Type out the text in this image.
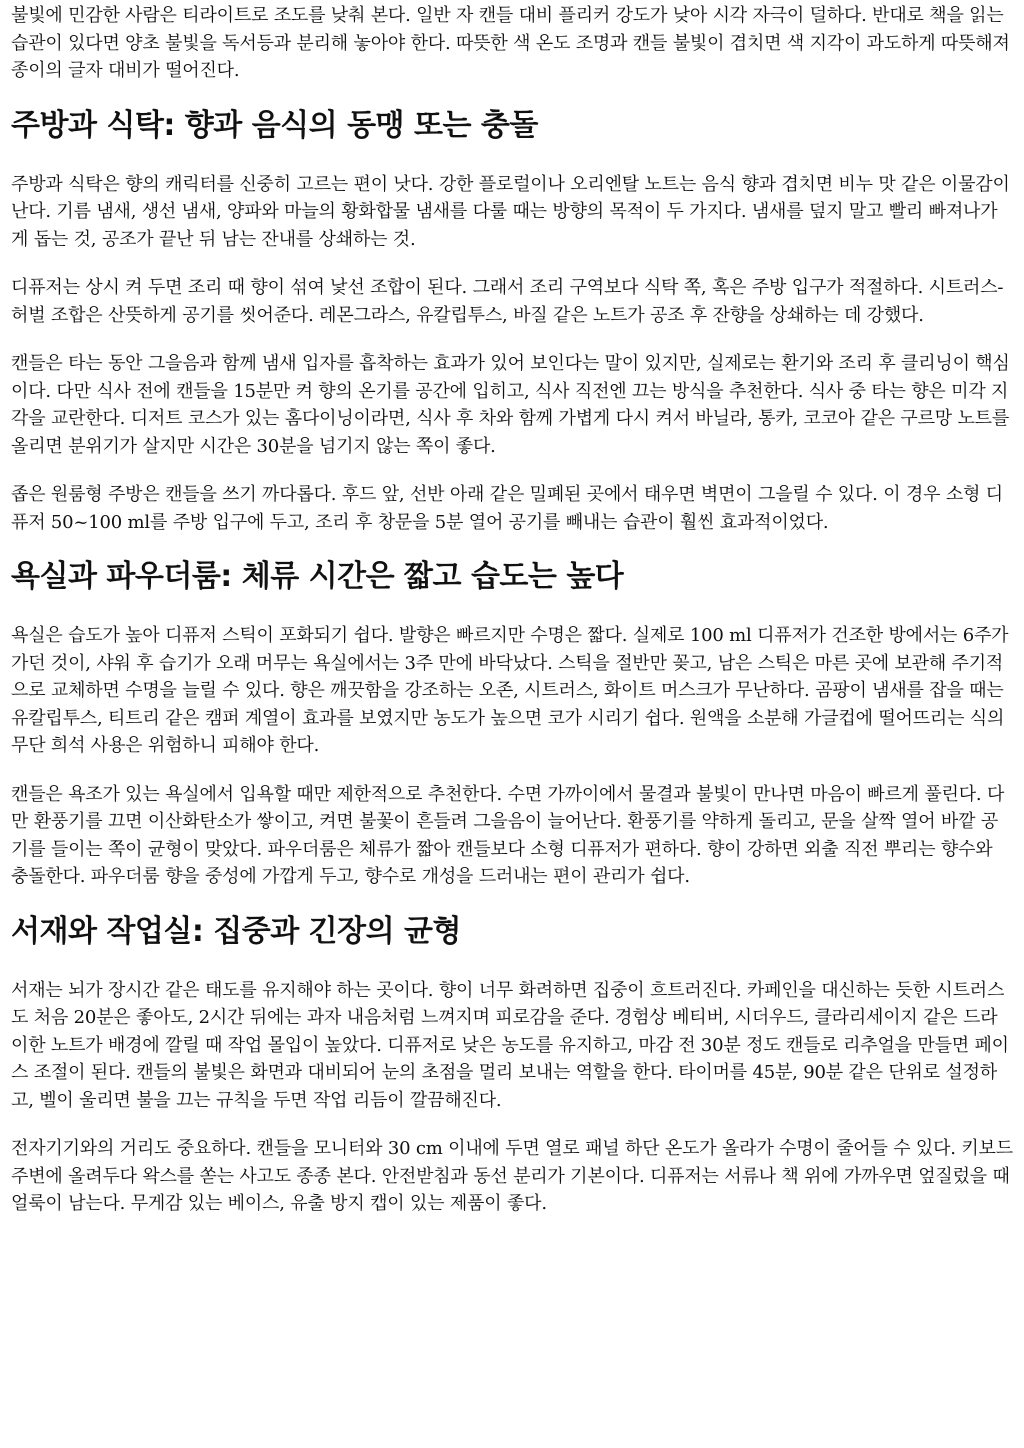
불빛에 민감한 사람은 티라이트로 조도를 낮춰 본다. 일반 자 캔들 대비 플리커 강도가 낮아 시각 자극이 덜하다. 반대로 책을 읽는 습관이 있다면 양초 불빛을 독서등과 분리해 놓아야 한다. 따뜻한 색 온도 조명과 캔들 불빛이 겹치면 색 지각이 과도하게 따뜻해져 종이의 글자 대비가 떨어진다.

주방과 식탁: 향과 음식의 동맹 또는 충돌

주방과 식탁은 향의 캐릭터를 신중히 고르는 편이 낫다. 강한 플로럴이나 오리엔탈 노트는 음식 향과 겹치면 비누 맛 같은 이물감이 난다. 기름 냄새, 생선 냄새, 양파와 마늘의 황화합물 냄새를 다룰 때는 방향의 목적이 두 가지다. 냄새를 덮지 말고 빨리 빠져나가게 돕는 것, 공조가 끝난 뒤 남는 잔내를 상쇄하는 것.

디퓨저는 상시 켜 두면 조리 때 향이 섞여 낯선 조합이 된다. 그래서 조리 구역보다 식탁 쪽, 혹은 주방 입구가 적절하다. 시트러스-허벌 조합은 산뜻하게 공기를 씻어준다. 레몬그라스, 유칼립투스, 바질 같은 노트가 공조 후 잔향을 상쇄하는 데 강했다.

캔들은 타는 동안 그을음과 함께 냄새 입자를 흡착하는 효과가 있어 보인다는 말이 있지만, 실제로는 환기와 조리 후 클리닝이 핵심이다. 다만 식사 전에 캔들을 15분만 켜 향의 온기를 공간에 입히고, 식사 직전엔 끄는 방식을 추천한다. 식사 중 타는 향은 미각 지각을 교란한다. 디저트 코스가 있는 홈다이닝이라면, 식사 후 차와 함께 가볍게 다시 켜서 바닐라, 통카, 코코아 같은 구르망 노트를 올리면 분위기가 살지만 시간은 30분을 넘기지 않는 쪽이 좋다.

좁은 원룸형 주방은 캔들을 쓰기 까다롭다. 후드 앞, 선반 아래 같은 밀폐된 곳에서 태우면 벽면이 그을릴 수 있다. 이 경우 소형 디퓨저 50~100 ml를 주방 입구에 두고, 조리 후 창문을 5분 열어 공기를 빼내는 습관이 훨씬 효과적이었다.

욕실과 파우더룸: 체류 시간은 짧고 습도는 높다

욕실은 습도가 높아 디퓨저 스틱이 포화되기 쉽다. 발향은 빠르지만 수명은 짧다. 실제로 100 ml 디퓨저가 건조한 방에서는 6주가 가던 것이, 샤워 후 습기가 오래 머무는 욕실에서는 3주 만에 바닥났다. 스틱을 절반만 꽂고, 남은 스틱은 마른 곳에 보관해 주기적으로 교체하면 수명을 늘릴 수 있다. 향은 깨끗함을 강조하는 오존, 시트러스, 화이트 머스크가 무난하다. 곰팡이 냄새를 잡을 때는 유칼립투스, 티트리 같은 캠퍼 계열이 효과를 보였지만 농도가 높으면 코가 시리기 쉽다. 원액을 소분해 가글컵에 떨어뜨리는 식의 무단 희석 사용은 위험하니 피해야 한다.

캔들은 욕조가 있는 욕실에서 입욕할 때만 제한적으로 추천한다. 수면 가까이에서 물결과 불빛이 만나면 마음이 빠르게 풀린다. 다만 환풍기를 끄면 이산화탄소가 쌓이고, 켜면 불꽃이 흔들려 그을음이 늘어난다. 환풍기를 약하게 돌리고, 문을 살짝 열어 바깥 공기를 들이는 쪽이 균형이 맞았다. 파우더룸은 체류가 짧아 캔들보다 소형 디퓨저가 편하다. 향이 강하면 외출 직전 뿌리는 향수와 충돌한다. 파우더룸 향을 중성에 가깝게 두고, 향수로 개성을 드러내는 편이 관리가 쉽다.

서재와 작업실: 집중과 긴장의 균형

서재는 뇌가 장시간 같은 태도를 유지해야 하는 곳이다. 향이 너무 화려하면 집중이 흐트러진다. 카페인을 대신하는 듯한 시트러스도 처음 20분은 좋아도, 2시간 뒤에는 과자 내음처럼 느껴지며 피로감을 준다. 경험상 베티버, 시더우드, 클라리세이지 같은 드라이한 노트가 배경에 깔릴 때 작업 몰입이 높았다. 디퓨저로 낮은 농도를 유지하고, 마감 전 30분 정도 캔들로 리추얼을 만들면 페이스 조절이 된다. 캔들의 불빛은 화면과 대비되어 눈의 초점을 멀리 보내는 역할을 한다. 타이머를 45분, 90분 같은 단위로 설정하고, 벨이 울리면 불을 끄는 규칙을 두면 작업 리듬이 깔끔해진다.

전자기기와의 거리도 중요하다. 캔들을 모니터와 30 cm 이내에 두면 열로 패널 하단 온도가 올라가 수명이 줄어들 수 있다. 키보드 주변에 올려두다 왁스를 쏟는 사고도 종종 본다. 안전받침과 동선 분리가 기본이다. 디퓨저는 서류나 책 위에 가까우면 엎질렀을 때 얼룩이 남는다. 무게감 있는 베이스, 유출 방지 캡이 있는 제품이 좋다.
